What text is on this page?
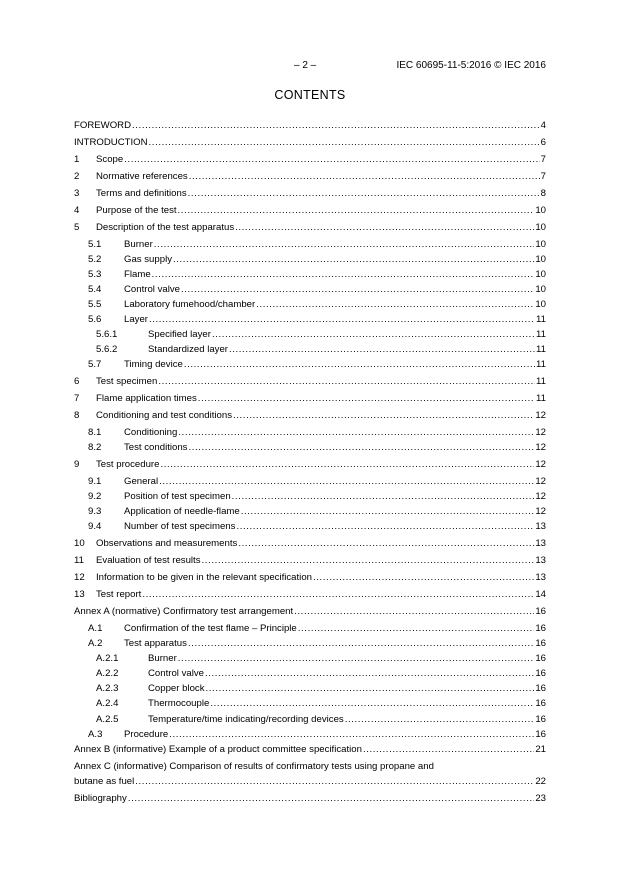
– 2 –	IEC 60695-11-5:2016 © IEC 2016
CONTENTS
FOREWORD .....	4
INTRODUCTION .....	6
1	Scope .....	7
2	Normative references .....	7
3	Terms and definitions .....	8
4	Purpose of the test .....	10
5	Description of the test apparatus .....	10
5.1	Burner .....	10
5.2	Gas supply .....	10
5.3	Flame .....	10
5.4	Control valve .....	10
5.5	Laboratory fumehood/chamber .....	10
5.6	Layer .....	11
5.6.1	Specified layer .....	11
5.6.2	Standardized layer .....	11
5.7	Timing device .....	11
6	Test specimen .....	11
7	Flame application times .....	11
8	Conditioning and test conditions .....	12
8.1	Conditioning .....	12
8.2	Test conditions .....	12
9	Test procedure .....	12
9.1	General .....	12
9.2	Position of test specimen .....	12
9.3	Application of needle-flame .....	12
9.4	Number of test specimens .....	13
10	Observations and measurements .....	13
11	Evaluation of test results .....	13
12	Information to be given in the relevant specification .....	13
13	Test report .....	14
Annex A (normative) Confirmatory test arrangement .....	16
A.1	Confirmation of the test flame – Principle .....	16
A.2	Test apparatus .....	16
A.2.1	Burner .....	16
A.2.2	Control valve .....	16
A.2.3	Copper block .....	16
A.2.4	Thermocouple .....	16
A.2.5	Temperature/time indicating/recording devices .....	16
A.3	Procedure .....	16
Annex B (informative) Example of a product committee specification .....	21
Annex C (informative) Comparison of results of confirmatory tests using propane and
butane as fuel .....	22
Bibliography .....	23
